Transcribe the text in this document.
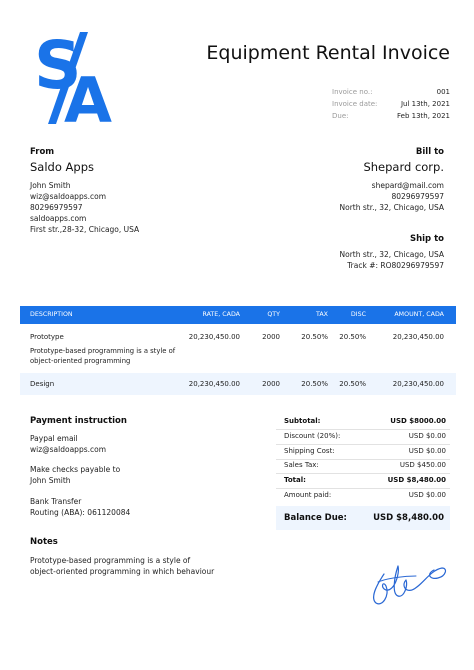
S
A
Equipment Rental Invoice
Invoice no.:	001
Invoice date:	Jul 13th, 2021
Due:	Feb 13th, 2021
From
Saldo Apps
John Smith
wiz@saldoapps.com
80296979597
saldoapps.com
First str.,28-32, Chicago, USA
Bill to
Shepard corp.
shepard@mail.com
80296979597
North str., 32, Chicago, USA
Ship to
North str., 32, Chicago, USA
Track #: RO80296979597
DESCRIPTION	RATE, CADA	QTY	TAX	DISC	AMOUNT, CADA
Prototype	20,230,450.00	2000	20.50% 20.50%	20,230,450.00
Prototype-based programming is a style of
object-oriented programming
Design	20,230,450.00	2000	20.50% 20.50%	20,230,450.00
Payment instruction
Paypal email
wiz@saldoapps.com
Make checks payable to
John Smith
Bank Transfer
Routing (ABA): 061120084
Subtotal:	USD $8000.00
Discount (20%):	USD $0.00
Shipping Cost:	USD $0.00
Sales Tax:	USD $450.00
Total:	USD $8,480.00
Amount paid:	USD $0.00
Balance Due:	USD $8,480.00
Notes
Prototype-based programming is a style of
object-oriented programming in which behaviour
